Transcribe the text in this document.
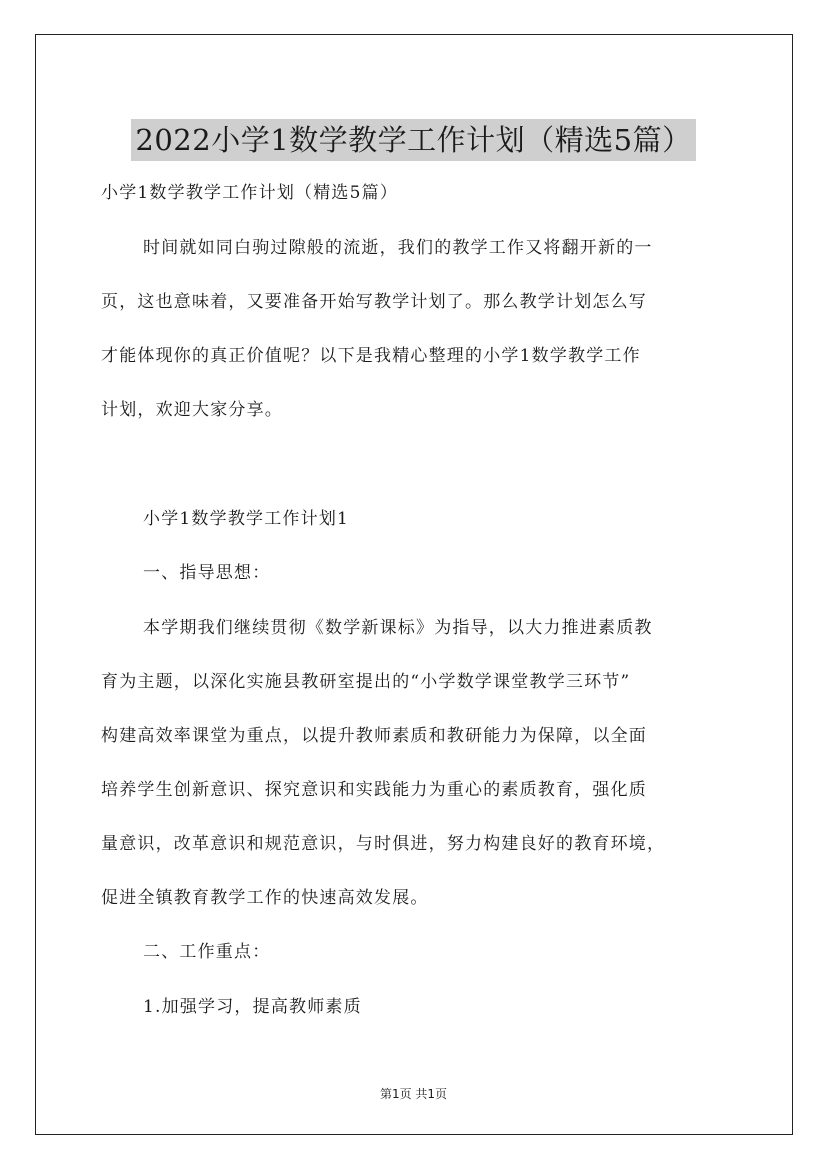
2022小学1数学教学工作计划（精选5篇）
小学1数学教学工作计划（精选5篇）
时间就如同白驹过隙般的流逝，我们的教学工作又将翻开新的一
页，这也意味着，又要准备开始写教学计划了。那么教学计划怎么写
才能体现你的真正价值呢？以下是我精心整理的小学1数学教学工作
计划，欢迎大家分享。
小学1数学教学工作计划1
一、指导思想：
本学期我们继续贯彻《数学新课标》为指导，以大力推进素质教
育为主题，以深化实施县教研室提出的“小学数学课堂教学三环节”
构建高效率课堂为重点，以提升教师素质和教研能力为保障，以全面
培养学生创新意识、探究意识和实践能力为重心的素质教育，强化质
量意识，改革意识和规范意识，与时俱进，努力构建良好的教育环境，
促进全镇教育教学工作的快速高效发展。
二、工作重点：
1.加强学习，提高教师素质
第1页 共1页
